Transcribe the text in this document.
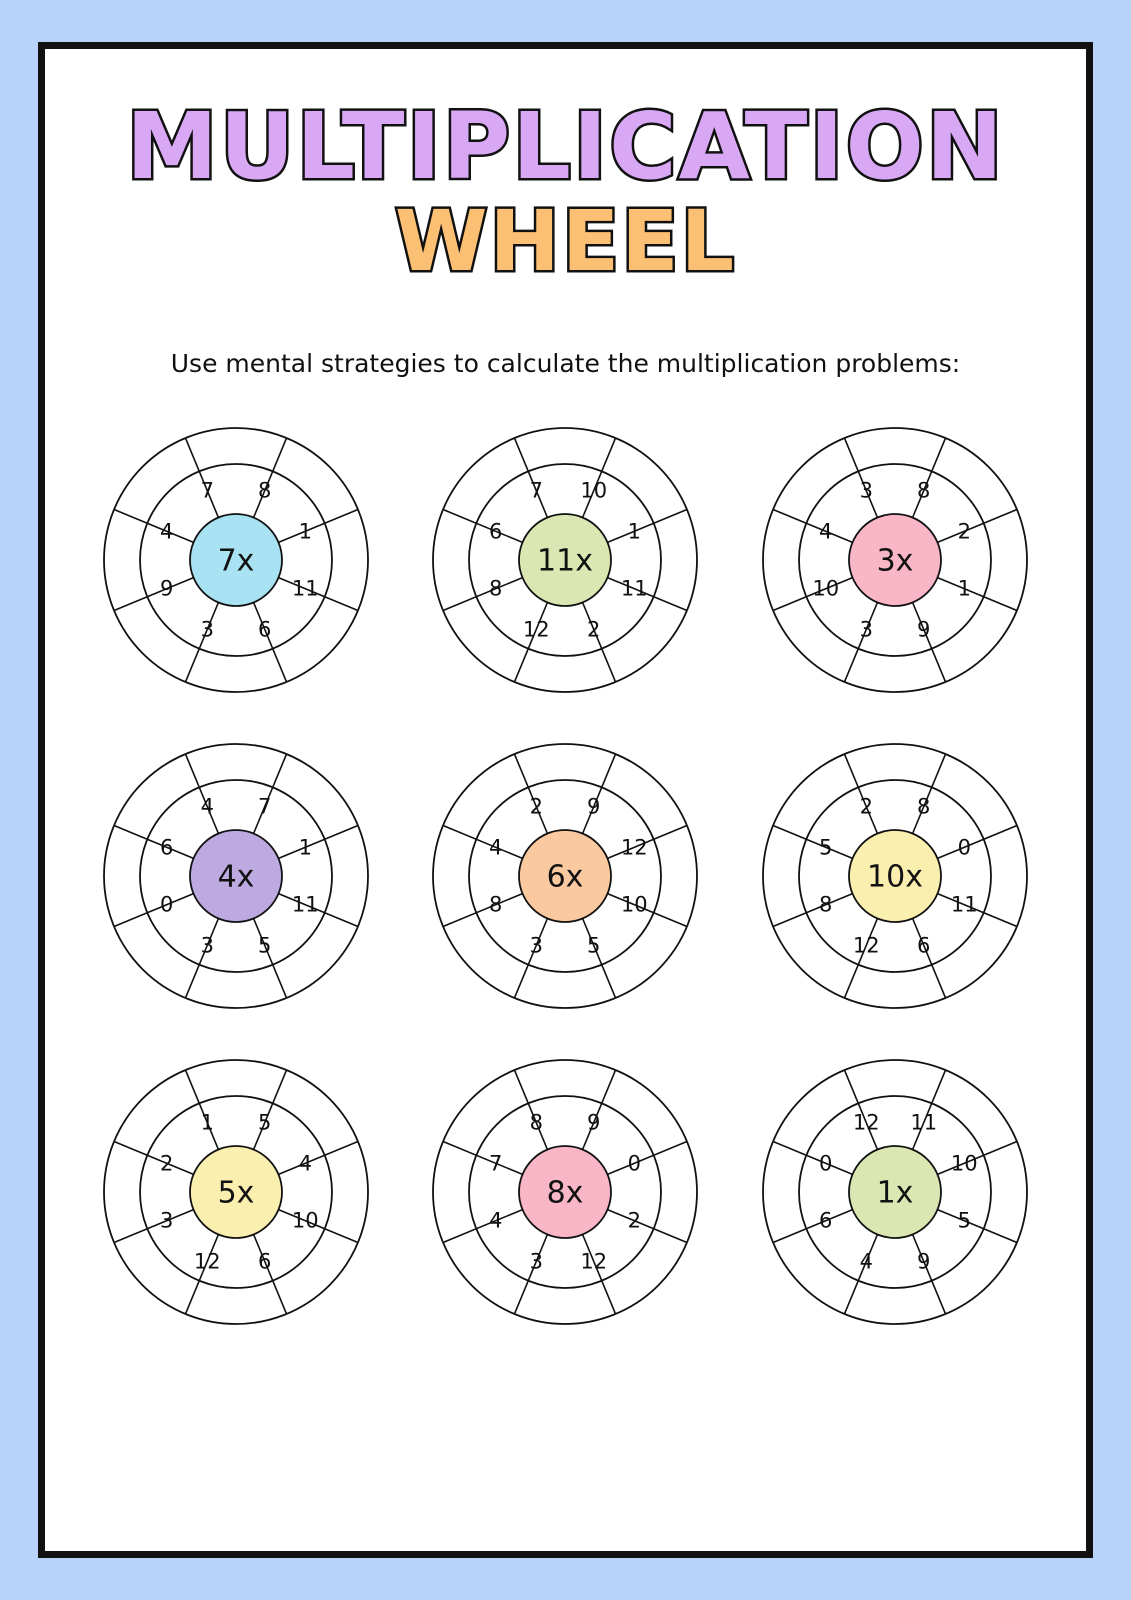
MULTIPLICATION
WHEEL
Use mental strategies to calculate the multiplication problems:
8
1
11
6
3
9
4
7
7x
10
1
11
2
12
8
6
7
11x
8
2
1
9
3
10
4
3
3x
7
1
11
5
3
0
6
4
4x
9
12
10
5
3
8
4
2
6x
8
0
11
6
12
8
5
2
10x
5
4
10
6
12
3
2
1
5x
9
0
2
12
3
4
7
8
8x
11
10
5
9
4
6
0
12
1x
